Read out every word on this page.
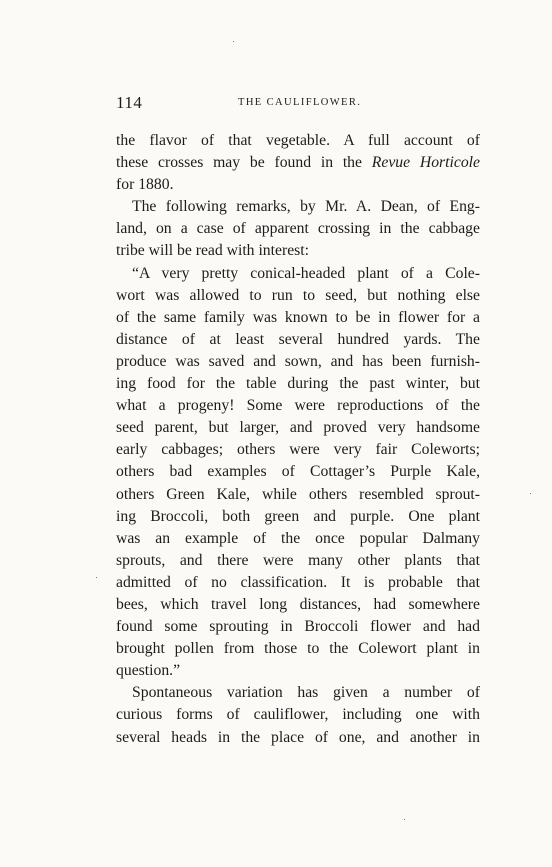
114	THE CAULIFLOWER.
the flavor of that vegetable. A full account of
these crosses may be found in the Revue Horticole
for 1880.
The following remarks, by Mr. A. Dean, of Eng-
land, on a case of apparent crossing in the cabbage
tribe will be read with interest:
“A very pretty conical-headed plant of a Cole-
wort was allowed to run to seed, but nothing else
of the same family was known to be in flower for a
distance of at least several hundred yards. The
produce was saved and sown, and has been furnish-
ing food for the table during the past winter, but
what a progeny! Some were reproductions of the
seed parent, but larger, and proved very handsome
early cabbages; others were very fair Coleworts;
others bad examples of Cottager’s Purple Kale,
others Green Kale, while others resembled sprout-
ing Broccoli, both green and purple. One plant
was an example of the once popular Dalmany
sprouts, and there were many other plants that
admitted of no classification. It is probable that
bees, which travel long distances, had somewhere
found some sprouting in Broccoli flower and had
brought pollen from those to the Colewort plant in
question.”
Spontaneous variation has given a number of
curious forms of cauliflower, including one with
several heads in the place of one, and another in
